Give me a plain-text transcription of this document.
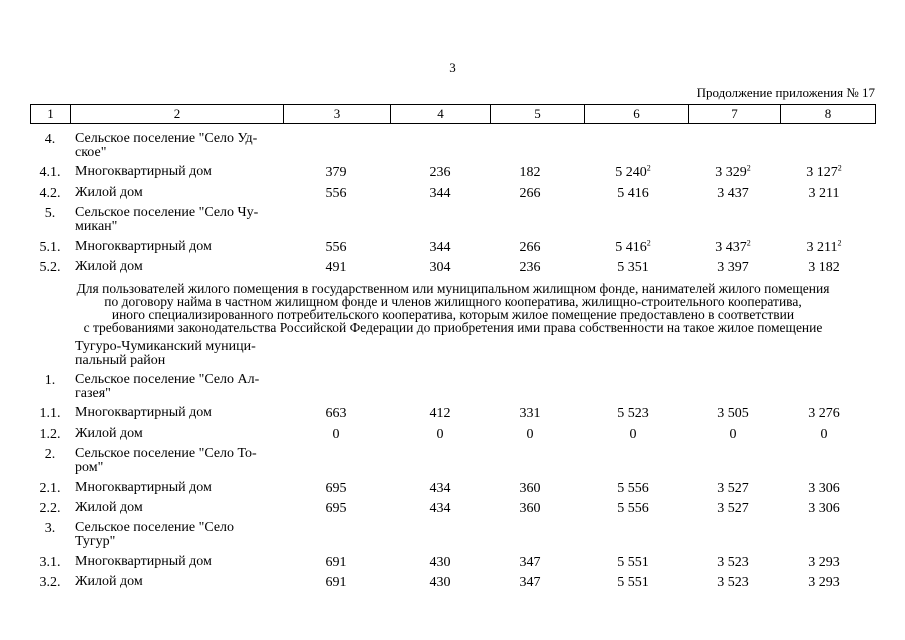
3
Продолжение приложения № 17
1	2	3	4	5	6	7	8
4.	Сельское поселение "Село Уд-
ское"
4.1.	Многоквартирный дом	379	236	182	5 $240^2$	3 $329^2$	3 $127^2$
4.2.	Жилой дом	556	344	266	5 416	3 437	3 211
5.	Сельское поселение "Село Чу-
микан"
5.1.	Многоквартирный дом	556	344	266	5 $416^2$	3 $437^2$	3 $211^2$
5.2.	Жилой дом	491	304	236	5 351	3 397	3 182
Для пользователей жилого помещения в государственном или муниципальном жилищном фонде, нанимателей жилого помещения
по договору найма в частном жилищном фонде и членов жилищного кооператива, жилищно-строительного кооператива,
иного специализированного потребительского кооператива, которым жилое помещение предоставлено в соответствии
с требованиями законодательства Российской Федерации до приобретения ими права собственности на такое жилое помещение
Тугуро-Чумиканский муници-
пальный район
1.	Сельское поселение "Село Ал-
газея"
1.1.	Многоквартирный дом	663	412	331	5 523	3 505	3 276
1.2.	Жилой дом	0	0	0	0	0	0
2.	Сельское поселение "Село То-
ром"
2.1.	Многоквартирный дом	695	434	360	5 556	3 527	3 306
2.2.	Жилой дом	695	434	360	5 556	3 527	3 306
3.	Сельское поселение "Село
Тугур"
3.1.	Многоквартирный дом	691	430	347	5 551	3 523	3 293
3.2.	Жилой дом	691	430	347	5 551	3 523	3 293
